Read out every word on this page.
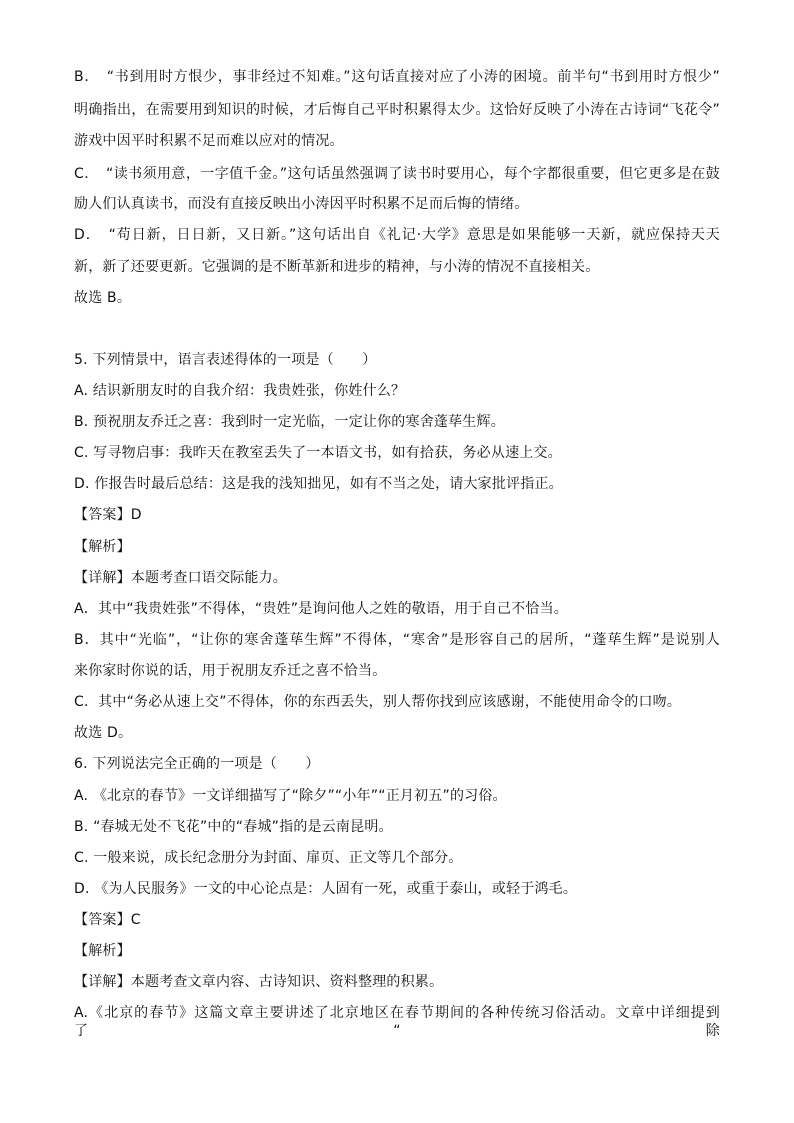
B．　“书到用时方恨少，事非经过不知难。”这句话直接对应了小涛的困境。前半句“书到用时方恨少”
明确指出，在需要用到知识的时候，才后悔自己平时积累得太少。这恰好反映了小涛在古诗词“飞花令”
游戏中因平时积累不足而难以应对的情况。
C．　“读书须用意，一字值千金。”这句话虽然强调了读书时要用心，每个字都很重要，但它更多是在鼓
励人们认真读书，而没有直接反映出小涛因平时积累不足而后悔的情绪。
D．　“苟日新，日日新，又日新。”这句话出自《礼记·大学》意思是如果能够一天新，就应保持天天
新，新了还要更新。它强调的是不断革新和进步的精神，与小涛的情况不直接相关。
故选 B。
5. 下列情景中，语言表述得体的一项是（　　）
A. 结识新朋友时的自我介绍：我贵姓张，你姓什么？
B. 预祝朋友乔迁之喜：我到时一定光临，一定让你的寒舍蓬荜生辉。
C. 写寻物启事：我昨天在教室丢失了一本语文书，如有拾获，务必从速上交。
D. 作报告时最后总结：这是我的浅知拙见，如有不当之处，请大家批评指正。
【答案】D
【解析】
【详解】本题考查口语交际能力。
A．其中“我贵姓张”不得体，“贵姓”是询问他人之姓的敬语，用于自己不恰当。
B．其中“光临”，“让你的寒舍蓬荜生辉”不得体，“寒舍”是形容自己的居所，“蓬荜生辉”是说别人
来你家时你说的话，用于祝朋友乔迁之喜不恰当。
C．其中“务必从速上交”不得体，你的东西丢失，别人帮你找到应该感谢，不能使用命令的口吻。
故选 D。
6. 下列说法完全正确的一项是（　　）
A. 《北京的春节》一文详细描写了“除夕”“小年”“正月初五”的习俗。
B. “春城无处不飞花”中的“春城”指的是云南昆明。
C. 一般来说，成长纪念册分为封面、扉页、正文等几个部分。
D. 《为人民服务》一文的中心论点是：人固有一死，或重于泰山，或轻于鸿毛。
【答案】C
【解析】
【详解】本题考查文章内容、古诗知识、资料整理的积累。
A.《北京的春节》这篇文章主要讲述了北京地区在春节期间的各种传统习俗活动。文章中详细提到了“除
